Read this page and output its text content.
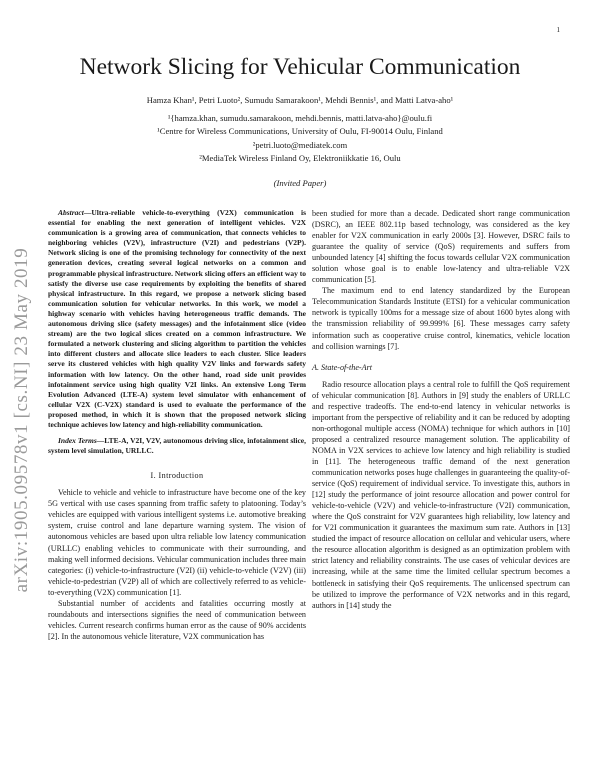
1
arXiv:1905.09578v1 [cs.NI] 23 May 2019
Network Slicing for Vehicular Communication
Hamza Khan¹, Petri Luoto², Sumudu Samarakoon¹, Mehdi Bennis¹, and Matti Latva-aho¹
¹{hamza.khan, sumudu.samarakoon, mehdi.bennis, matti.latva-aho}@oulu.fi
¹Centre for Wireless Communications, University of Oulu, FI-90014 Oulu, Finland
²petri.luoto@mediatek.com
²MediaTek Wireless Finland Oy, Elektroniikkatie 16, Oulu
(Invited Paper)

Abstract—Ultra-reliable vehicle-to-everything (V2X) communication is essential for enabling the next generation of intelligent vehicles. V2X communication is a growing area of communication, that connects vehicles to neighboring vehicles (V2V), infrastructure (V2I) and pedestrians (V2P). Network slicing is one of the promising technology for connectivity of the next generation devices, creating several logical networks on a common and programmable physical infrastructure. Network slicing offers an efficient way to satisfy the diverse use case requirements by exploiting the benefits of shared physical infrastructure. In this regard, we propose a network slicing based communication solution for vehicular networks. In this work, we model a highway scenario with vehicles having heterogeneous traffic demands. The autonomous driving slice (safety messages) and the infotainment slice (video stream) are the two logical slices created on a common infrastructure. We formulated a network clustering and slicing algorithm to partition the vehicles into different clusters and allocate slice leaders to each cluster. Slice leaders serve its clustered vehicles with high quality V2V links and forwards safety information with low latency. On the other hand, road side unit provides infotainment service using high quality V2I links. An extensive Long Term Evolution Advanced (LTE-A) system level simulator with enhancement of cellular V2X (C-V2X) standard is used to evaluate the performance of the proposed method, in which it is shown that the proposed network slicing technique achieves low latency and high-reliability communication.

Index Terms—LTE-A, V2I, V2V, autonomous driving slice, infotainment slice, system level simulation, URLLC.

I. Introduction

Vehicle to vehicle and vehicle to infrastructure have become one of the key 5G vertical with use cases spanning from traffic safety to platooning. Today’s vehicles are equipped with various intelligent systems i.e. automotive breaking system, cruise control and lane departure warning system. The vision of autonomous vehicles are based upon ultra reliable low latency communication (URLLC) enabling vehicles to communicate with their surrounding, and making well informed decisions. Vehicular communication includes three main categories: (i) vehicle-to-infrastructure (V2I) (ii) vehicle-to-vehicle (V2V) (iii) vehicle-to-pedestrian (V2P) all of which are collectively referred to as vehicle-to-everything (V2X) communication [1].

Substantial number of accidents and fatalities occurring mostly at roundabouts and intersections signifies the need of communication between vehicles. Current research confirms human error as the cause of 90% accidents [2]. In the autonomous vehicle literature, V2X communication has

been studied for more than a decade. Dedicated short range communication (DSRC), an IEEE 802.11p based technology, was considered as the key enabler for V2X communication in early 2000s [3]. However, DSRC fails to guarantee the quality of service (QoS) requirements and suffers from unbounded latency [4] shifting the focus towards cellular V2X communication solution whose goal is to enable low-latency and ultra-reliable V2X communication [5].

The maximum end to end latency standardized by the European Telecommunication Standards Institute (ETSI) for a vehicular communication network is typically 100ms for a message size of about 1600 bytes along with the transmission reliability of 99.999% [6]. These messages carry safety information such as cooperative cruise control, kinematics, vehicle location and collision warnings [7].

A. State-of-the-Art

Radio resource allocation plays a central role to fulfill the QoS requirement of vehicular communication [8]. Authors in [9] study the enablers of URLLC and respective tradeoffs. The end-to-end latency in vehicular networks is important from the perspective of reliability and it can be reduced by adopting non-orthogonal multiple access (NOMA) technique for which authors in [10] proposed a centralized resource management solution. The applicability of NOMA in V2X services to achieve low latency and high reliability is studied in [11]. The heterogeneous traffic demand of the next generation communication networks poses huge challenges in guaranteeing the quality-of-service (QoS) requirement of individual service. To investigate this, authors in [12] study the performance of joint resource allocation and power control for vehicle-to-vehicle (V2V) and vehicle-to-infrastructure (V2I) communication, where the QoS constraint for V2V guarantees high reliability, low latency and for V2I communication it guarantees the maximum sum rate. Authors in [13] studied the impact of resource allocation on cellular and vehicular users, where the resource allocation algorithm is designed as an optimization problem with strict latency and reliability constraints. The use cases of vehicular devices are increasing, while at the same time the limited cellular spectrum becomes a bottleneck in satisfying their QoS requirements. The unlicensed spectrum can be utilized to improve the performance of V2X networks and in this regard, authors in [14] study the
